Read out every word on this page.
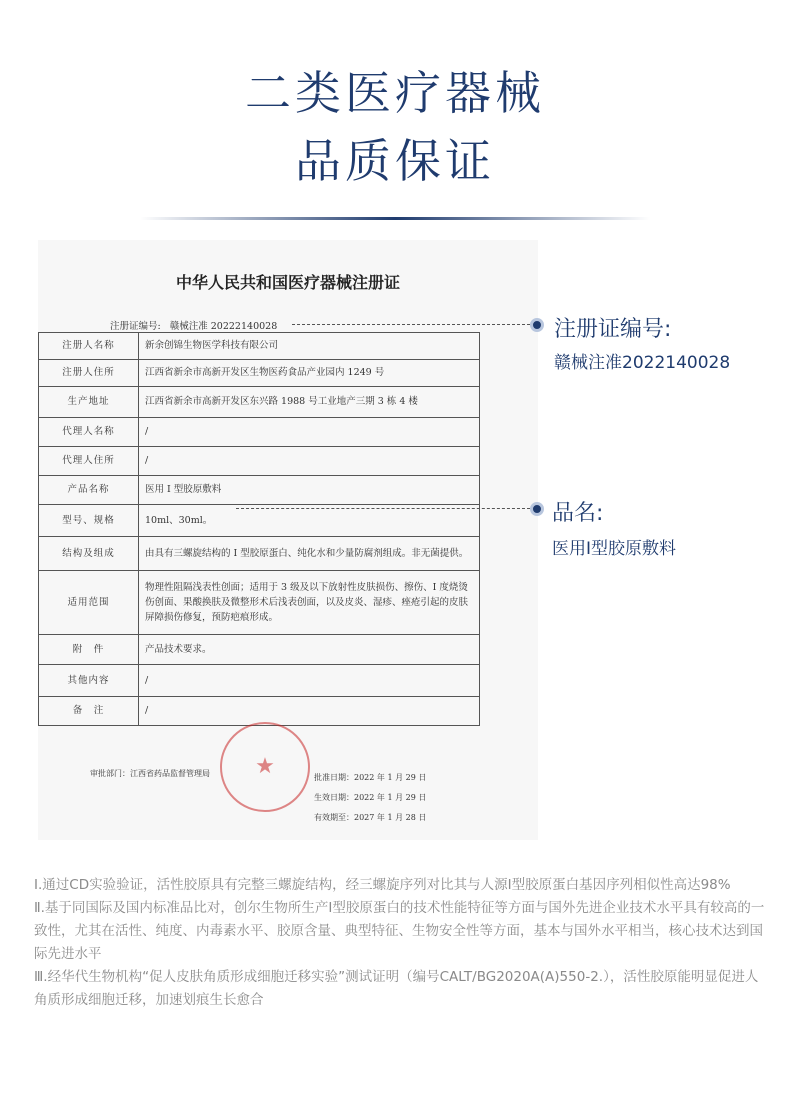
二类医疗器械
品质保证
中华人民共和国医疗器械注册证
注册证编号: 赣械注准 20222140028
注册人名称	新余创锦生物医学科技有限公司
注册人住所	江西省新余市高新开发区生物医药食品产业园内 1249 号
生产地址	江西省新余市高新开发区东兴路 1988 号工业地产三期 3 栋 4 楼
代理人名称	/
代理人住所	/
产品名称	医用 I 型胶原敷料
型号、规格	10ml、30ml。
结构及组成	由具有三螺旋结构的 I 型胶原蛋白、纯化水和少量防腐剂组成。非无菌提供。
适用范围	物理性阻隔浅表性创面；适用于 3 级及以下放射性皮肤损伤、擦伤、I 度烧烫伤创面、果酸换肤及微整形术后浅表创面，以及皮炎、湿疹、痤疮引起的皮肤屏障损伤修复，预防疤痕形成。
附　件	产品技术要求。
其他内容	/
备　注	/
★
审批部门：江西省药品监督管理局	批准日期：2022 年 1 月 29 日
生效日期：2022 年 1 月 29 日
有效期至：2027 年 1 月 28 日
注册证编号:
赣械注准2022140028
品名:
医用Ⅰ型胶原敷料

Ⅰ.通过CD实验验证，活性胶原具有完整三螺旋结构，经三螺旋序列对比其与人源Ⅰ型胶原蛋白基因序列相似性高达98%

Ⅱ.基于同国际及国内标准品比对，创尔生物所生产Ⅰ型胶原蛋白的技术性能特征等方面与国外先进企业技术水平具有较高的一致性，尤其在活性、纯度、内毒素水平、胶原含量、典型特征、生物安全性等方面，基本与国外水平相当，核心技术达到国际先进水平

Ⅲ.经华代生物机构“促人皮肤角质形成细胞迁移实验”测试证明（编号CALT/BG2020A(A)550-2.），活性胶原能明显促进人角质形成细胞迁移，加速划痕生长愈合
